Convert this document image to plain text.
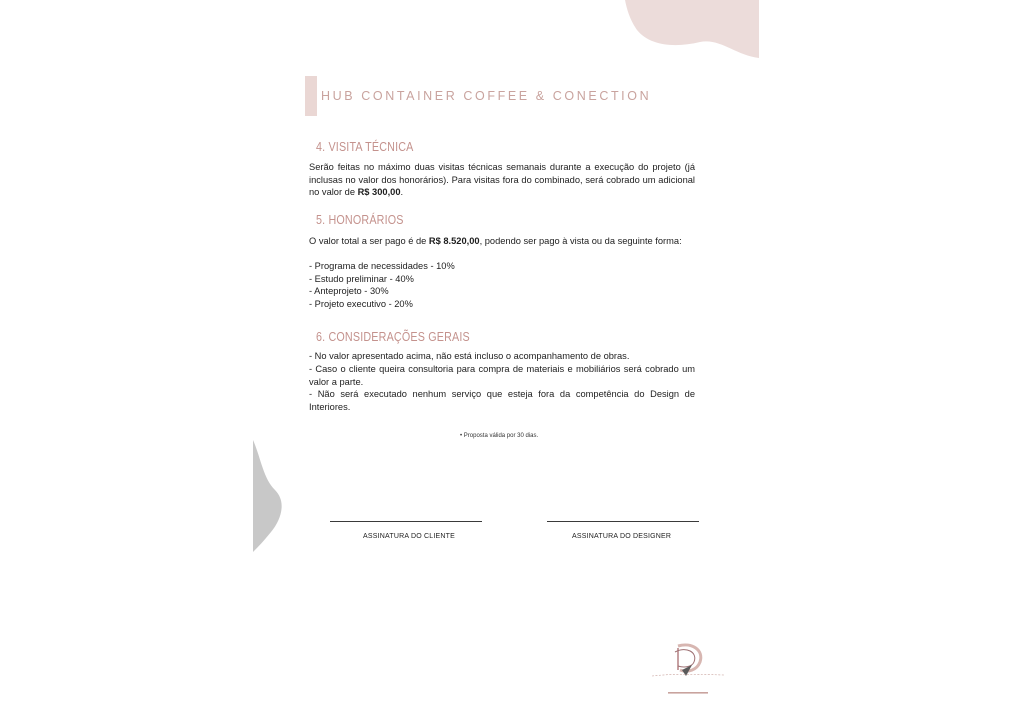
HUB CONTAINER COFFEE & CONECTION
4. VISITA TÉCNICA
Serão feitas no máximo duas visitas técnicas semanais durante a execução do projeto (já inclusas no valor dos honorários). Para visitas fora do combinado, será cobrado um adicional no valor de R$ 300,00.
5. HONORÁRIOS
O valor total a ser pago é de R$ 8.520,00, podendo ser pago à vista ou da seguinte forma:
- Programa de necessidades - 10%
- Estudo preliminar - 40%
- Anteprojeto - 30%
- Projeto executivo - 20%
6. CONSIDERAÇÕES GERAIS
- No valor apresentado acima, não está incluso o acompanhamento de obras.
- Caso o cliente queira consultoria para compra de materiais e mobiliários será cobrado um valor a parte.
- Não será executado nenhum serviço que esteja fora da competência do Design de Interiores.
• Proposta válida por 30 dias.
ASSINATURA DO CLIENTE	ASSINATURA DO DESIGNER
